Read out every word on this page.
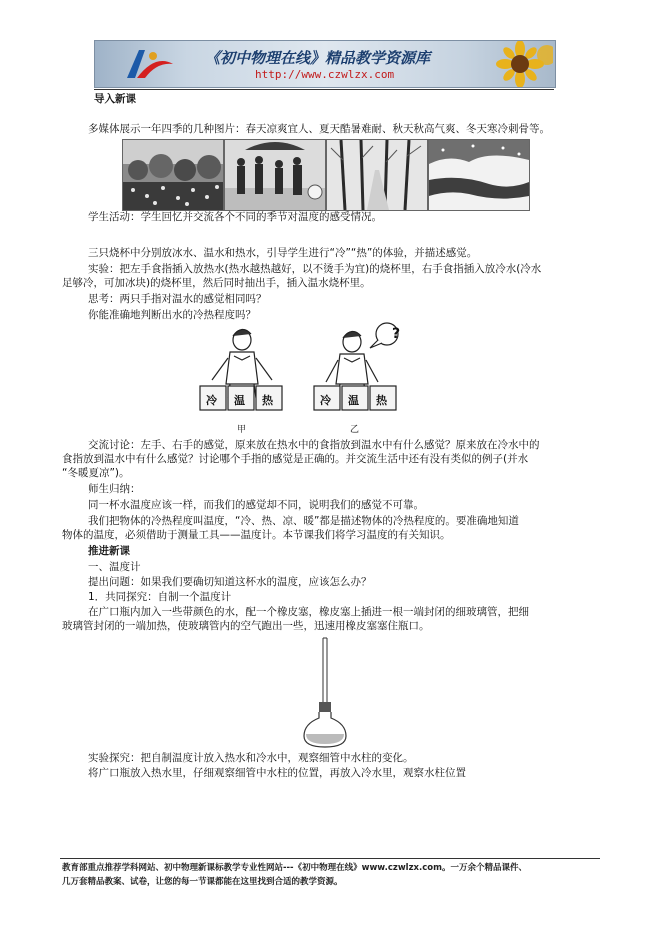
《初中物理在线》精品教学资源库
http://www.czwlzx.com
导入新课
多媒体展示一年四季的几种图片：春天凉爽宜人、夏天酷暑难耐、秋天秋高气爽、冬天寒冷刺骨等。
学生活动：学生回忆并交流各个不同的季节对温度的感受情况。
三只烧杯中分别放冰水、温水和热水，引导学生进行“冷”“热”的体验，并描述感觉。
实验：把左手食指插入放热水(热水越热越好，以不烫手为宜)的烧杯里，右手食指插入放冷水(冷水
足够冷，可加冰块)的烧杯里，然后同时抽出手，插入温水烧杯里。
思考：两只手指对温水的感觉相同吗？
你能准确地判断出水的冷热程度吗？
冷 温 热	冷 温 热
?
甲	乙
交流讨论：左手、右手的感觉，原来放在热水中的食指放到温水中有什么感觉？原来放在冷水中的
食指放到温水中有什么感觉？讨论哪个手指的感觉是正确的。并交流生活中还有没有类似的例子(并水
“冬暖夏凉”)。
师生归纳：
同一杯水温度应该一样，而我们的感觉却不同，说明我们的感觉不可靠。
我们把物体的冷热程度叫温度，“冷、热、凉、暖”都是描述物体的冷热程度的。要准确地知道
物体的温度，必须借助于测量工具——温度计。本节课我们将学习温度的有关知识。
推进新课
一、温度计
提出问题：如果我们要确切知道这杯水的温度，应该怎么办？
1．共同探究：自制一个温度计
在广口瓶内加入一些带颜色的水，配一个橡皮塞，橡皮塞上插进一根一端封闭的细玻璃管，把细
玻璃管封闭的一端加热，使玻璃管内的空气跑出一些，迅速用橡皮塞塞住瓶口。
实验探究：把自制温度计放入热水和冷水中，观察细管中水柱的变化。
将广口瓶放入热水里，仔细观察细管中水柱的位置，再放入冷水里，观察水柱位置
教育部重点推荐学科网站、初中物理新课标教学专业性网站---《初中物理在线》www.czwlzx.com。一万余个精品课件、
几万套精品教案、试卷，让您的每一节课都能在这里找到合适的教学资源。
